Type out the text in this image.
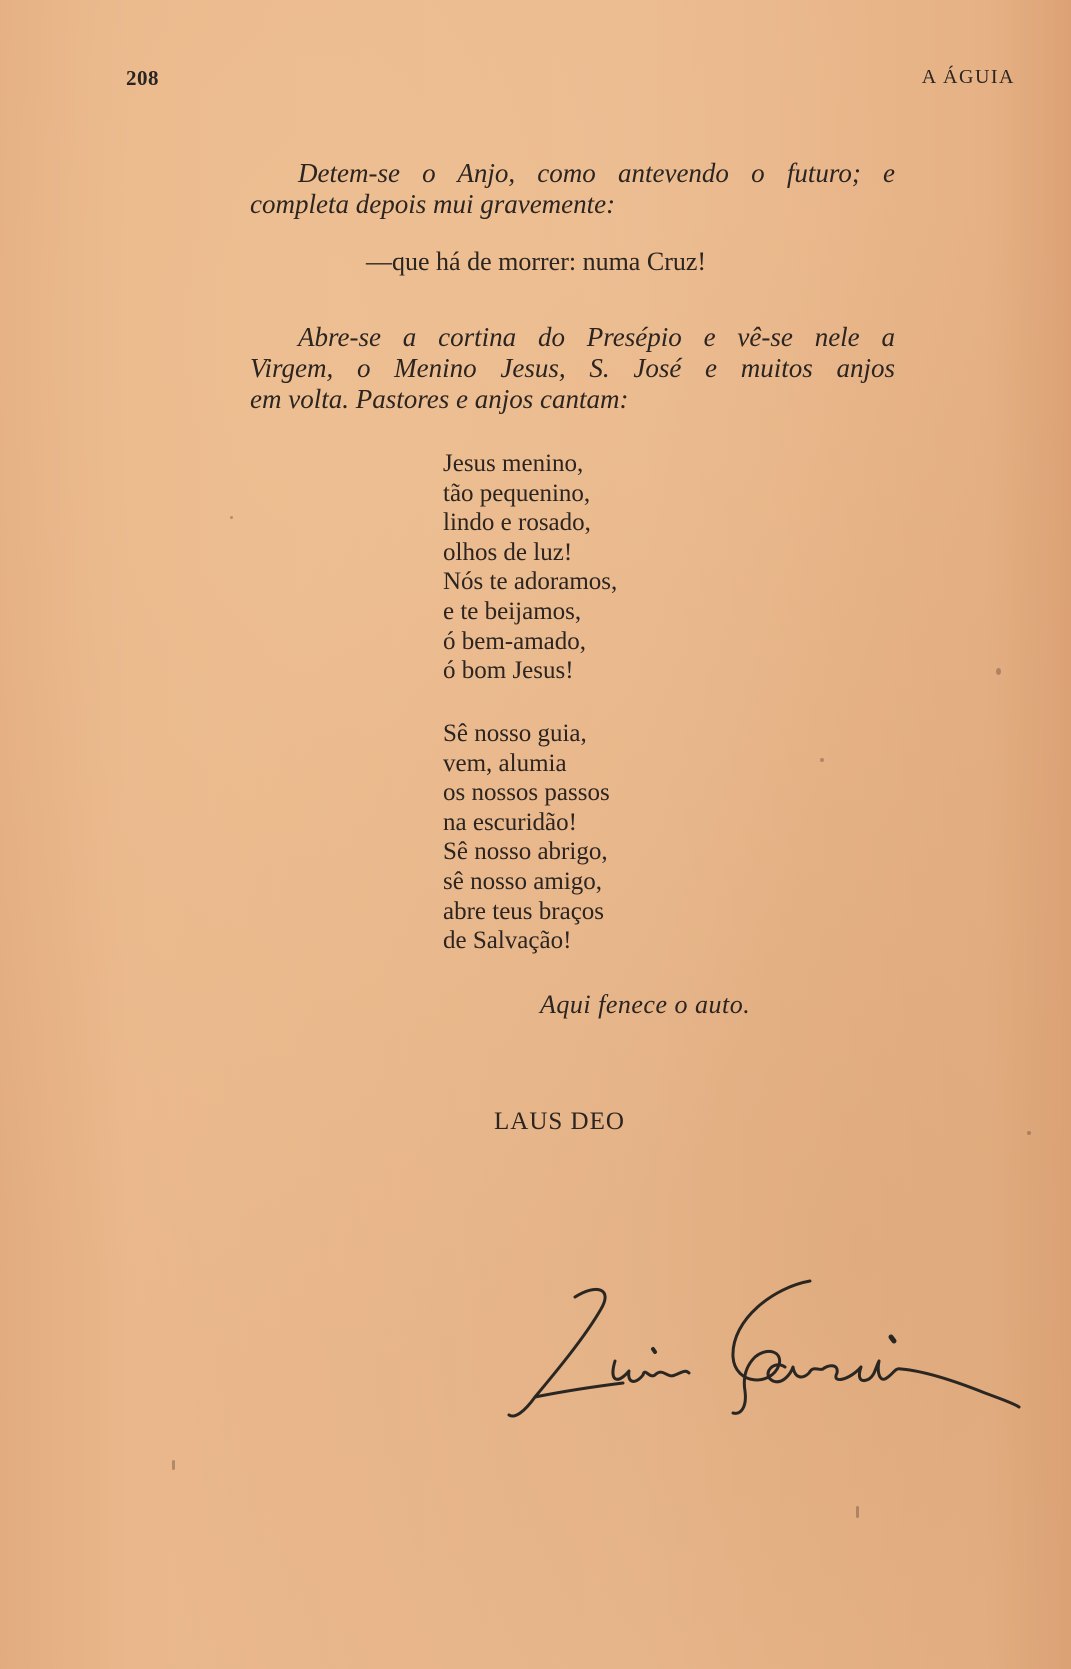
208	A ÁGUIA
Detem-se o Anjo, como antevendo o futuro; e
completa depois mui gravemente:
—que há de morrer: numa Cruz!
Abre-se a cortina do Presépio e vê-se nele a
Virgem, o Menino Jesus, S. José e muitos anjos
em volta. Pastores e anjos cantam:
Jesus menino,
tão pequenino,
lindo e rosado,
olhos de luz!
Nós te adoramos,
e te beijamos,
ó bem-amado,
ó bom Jesus!
Sê nosso guia,
vem, alumia
os nossos passos
na escuridão!
Sê nosso abrigo,
sê nosso amigo,
abre teus braços
de Salvação!
Aqui fenece o auto.
LAUS DEO
